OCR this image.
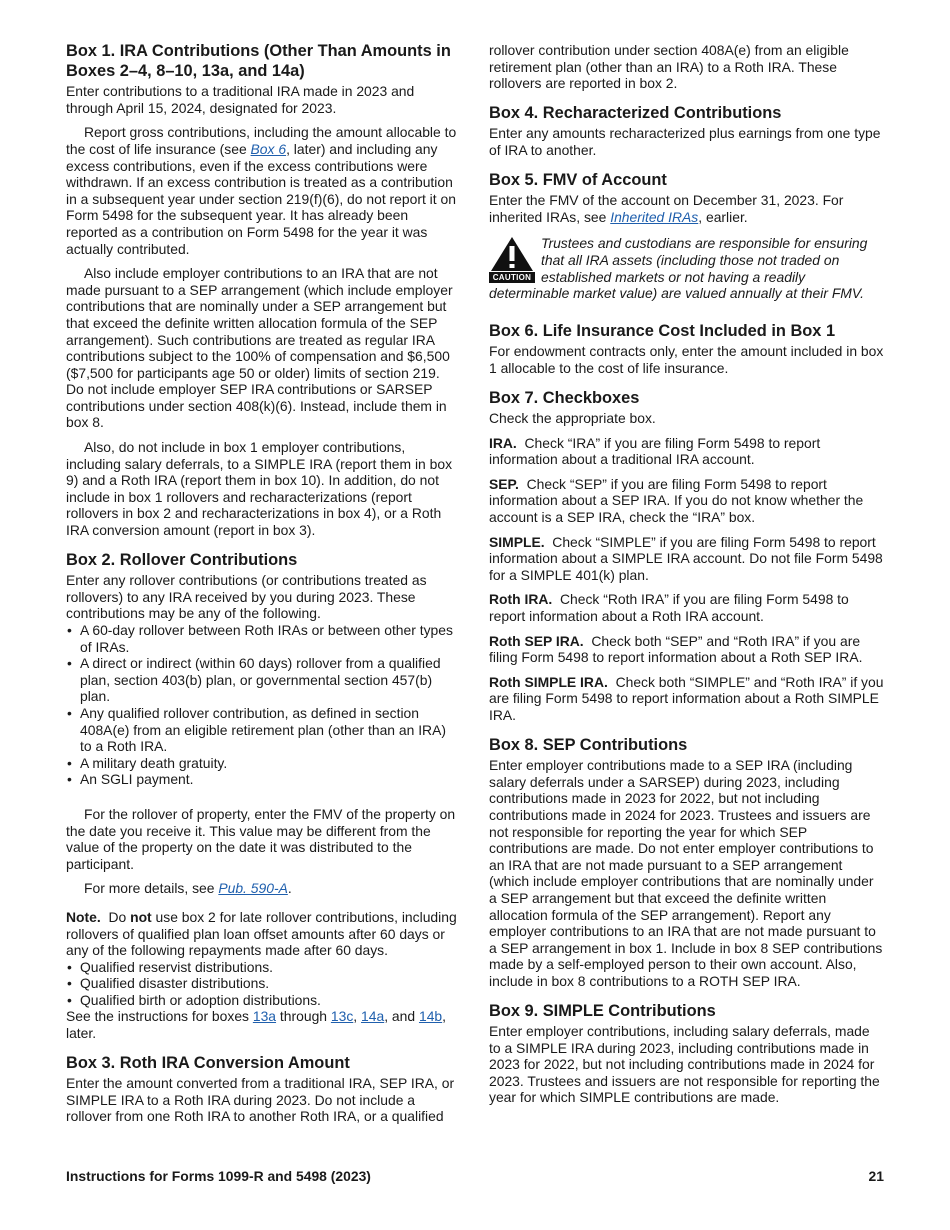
Box 1. IRA Contributions (Other Than Amounts in Boxes 2–4, 8–10, 13a, and 14a)

Enter contributions to a traditional IRA made in 2023 and through April 15, 2024, designated for 2023.

Report gross contributions, including the amount allocable to the cost of life insurance (see Box 6, later) and including any excess contributions, even if the excess contributions were withdrawn. If an excess contribution is treated as a contribution in a subsequent year under section 219(f)(6), do not report it on Form 5498 for the subsequent year. It has already been reported as a contribution on Form 5498 for the year it was actually contributed.

Also include employer contributions to an IRA that are not made pursuant to a SEP arrangement (which include employer contributions that are nominally under a SEP arrangement but that exceed the definite written allocation formula of the SEP arrangement). Such contributions are treated as regular IRA contributions subject to the 100% of compensation and $6,500 ($7,500 for participants age 50 or older) limits of section 219. Do not include employer SEP IRA contributions or SARSEP contributions under section 408(k)(6). Instead, include them in box 8.

Also, do not include in box 1 employer contributions, including salary deferrals, to a SIMPLE IRA (report them in box 9) and a Roth IRA (report them in box 10). In addition, do not include in box 1 rollovers and recharacterizations (report rollovers in box 2 and recharacterizations in box 4), or a Roth IRA conversion amount (report in box 3).

Box 2. Rollover Contributions

Enter any rollover contributions (or contributions treated as rollovers) to any IRA received by you during 2023. These contributions may be any of the following.

• A 60-day rollover between Roth IRAs or between other types of IRAs.
• A direct or indirect (within 60 days) rollover from a qualified plan, section 403(b) plan, or governmental section 457(b) plan.
• Any qualified rollover contribution, as defined in section 408A(e) from an eligible retirement plan (other than an IRA) to a Roth IRA.
• A military death gratuity.
• An SGLI payment.

For the rollover of property, enter the FMV of the property on the date you receive it. This value may be different from the value of the property on the date it was distributed to the participant.

For more details, see Pub. 590-A.

Note. Do not use box 2 for late rollover contributions, including rollovers of qualified plan loan offset amounts after 60 days or any of the following repayments made after 60 days.

• Qualified reservist distributions.
• Qualified disaster distributions.
• Qualified birth or adoption distributions.

See the instructions for boxes 13a through 13c, 14a, and 14b, later.

Box 3. Roth IRA Conversion Amount

Enter the amount converted from a traditional IRA, SEP IRA, or SIMPLE IRA to a Roth IRA during 2023. Do not include a rollover from one Roth IRA to another Roth IRA, or a qualified

rollover contribution under section 408A(e) from an eligible retirement plan (other than an IRA) to a Roth IRA. These rollovers are reported in box 2.

Box 4. Recharacterized Contributions

Enter any amounts recharacterized plus earnings from one type of IRA to another.

Box 5. FMV of Account

Enter the FMV of the account on December 31, 2023. For inherited IRAs, see Inherited IRAs, earlier.

CAUTION
Trustees and custodians are responsible for ensuring that all IRA assets (including those not traded on established markets or not having a readily determinable market value) are valued annually at their FMV.
Box 6. Life Insurance Cost Included in Box 1

For endowment contracts only, enter the amount included in box 1 allocable to the cost of life insurance.

Box 7. Checkboxes

Check the appropriate box.

IRA. Check “IRA” if you are filing Form 5498 to report information about a traditional IRA account.

SEP. Check “SEP” if you are filing Form 5498 to report information about a SEP IRA. If you do not know whether the account is a SEP IRA, check the “IRA” box.

SIMPLE. Check “SIMPLE” if you are filing Form 5498 to report information about a SIMPLE IRA account. Do not file Form 5498 for a SIMPLE 401(k) plan.

Roth IRA. Check “Roth IRA” if you are filing Form 5498 to report information about a Roth IRA account.

Roth SEP IRA. Check both “SEP” and “Roth IRA” if you are filing Form 5498 to report information about a Roth SEP IRA.

Roth SIMPLE IRA. Check both “SIMPLE” and “Roth IRA” if you are filing Form 5498 to report information about a Roth SIMPLE IRA.

Box 8. SEP Contributions

Enter employer contributions made to a SEP IRA (including salary deferrals under a SARSEP) during 2023, including contributions made in 2023 for 2022, but not including contributions made in 2024 for 2023. Trustees and issuers are not responsible for reporting the year for which SEP contributions are made. Do not enter employer contributions to an IRA that are not made pursuant to a SEP arrangement (which include employer contributions that are nominally under a SEP arrangement but that exceed the definite written allocation formula of the SEP arrangement). Report any employer contributions to an IRA that are not made pursuant to a SEP arrangement in box 1. Include in box 8 SEP contributions made by a self-employed person to their own account. Also, include in box 8 contributions to a ROTH SEP IRA.

Box 9. SIMPLE Contributions

Enter employer contributions, including salary deferrals, made to a SIMPLE IRA during 2023, including contributions made in 2023 for 2022, but not including contributions made in 2024 for 2023. Trustees and issuers are not responsible for reporting the year for which SIMPLE contributions are made.

Instructions for Forms 1099-R and 5498 (2023)	21
